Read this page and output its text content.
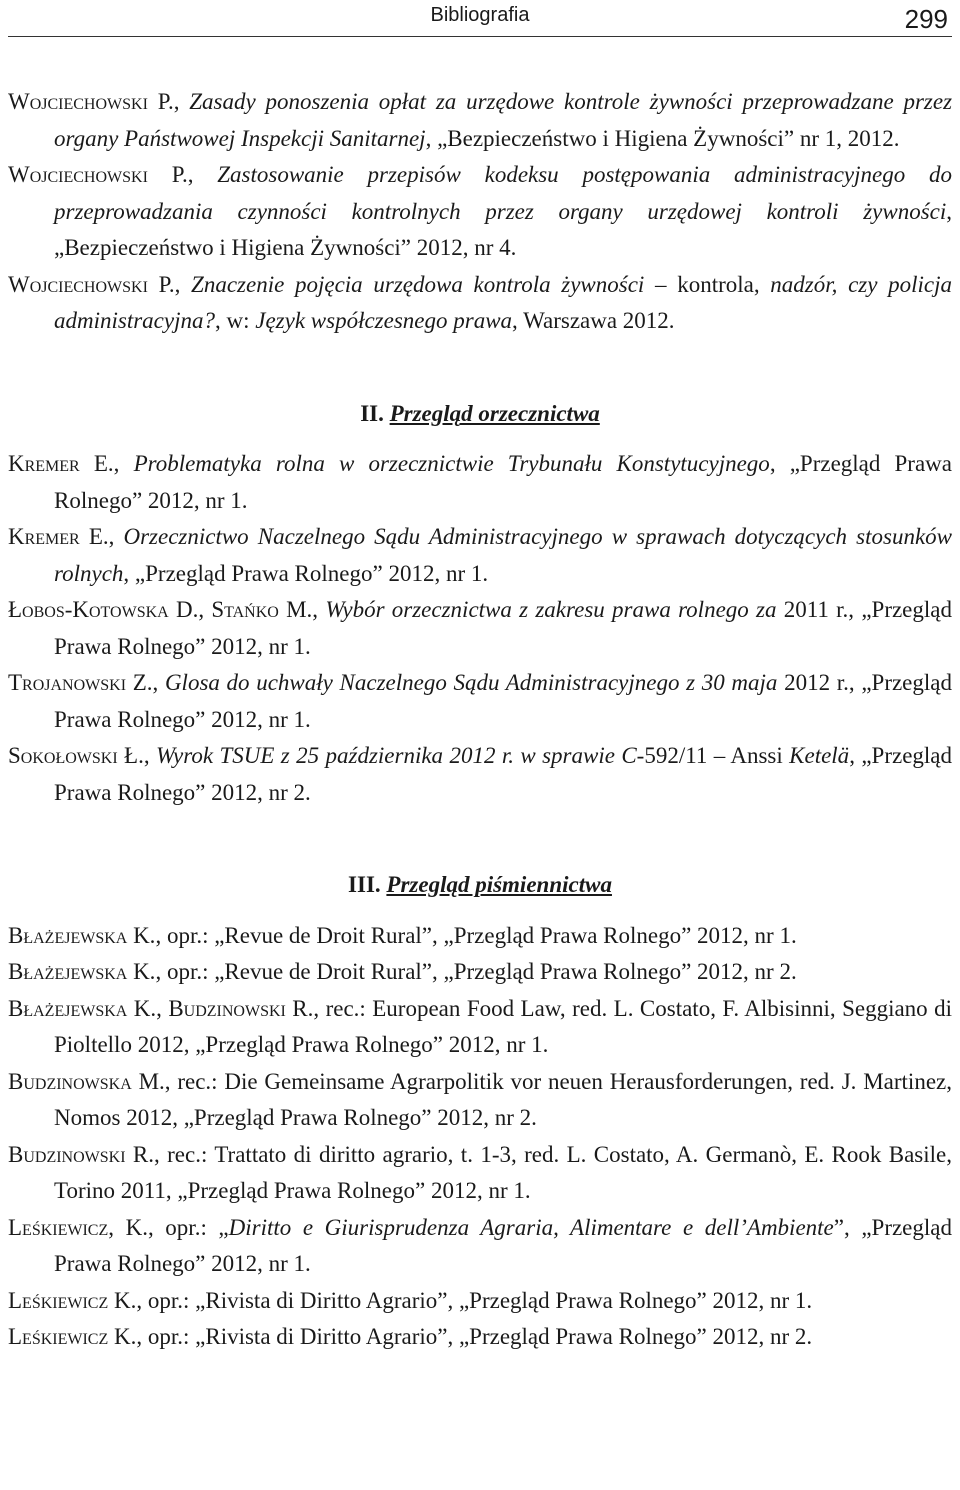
Bibliografia	299
Wojciechowski P., Zasady ponoszenia opłat za urzędowe kontrole żywności przeprowadzane przez organy Państwowej Inspekcji Sanitarnej, „Bezpieczeństwo i Higiena Żywności” nr 1, 2012.
Wojciechowski P., Zastosowanie przepisów kodeksu postępowania administracyjnego do przeprowadzania czynności kontrolnych przez organy urzędowej kontroli żywności, „Bezpieczeństwo i Higiena Żywności” 2012, nr 4.
Wojciechowski P., Znaczenie pojęcia urzędowa kontrola żywności – kontrola, nadzór, czy policja administracyjna?, w: Język współczesnego prawa, Warszawa 2012.
II. Przegląd orzecznictwa
Kremer E., Problematyka rolna w orzecznictwie Trybunału Konstytucyjnego, „Przegląd Prawa Rolnego” 2012, nr 1.
Kremer E., Orzecznictwo Naczelnego Sądu Administracyjnego w sprawach dotyczących stosunków rolnych, „Przegląd Prawa Rolnego” 2012, nr 1.
Łobos-Kotowska D., Stańko M., Wybór orzecznictwa z zakresu prawa rolnego za 2011 r., „Przegląd Prawa Rolnego” 2012, nr 1.
Trojanowski Z., Glosa do uchwały Naczelnego Sądu Administracyjnego z 30 maja 2012 r., „Przegląd Prawa Rolnego” 2012, nr 1.
Sokołowski Ł., Wyrok TSUE z 25 października 2012 r. w sprawie C-592/11 – Anssi Ketelä, „Przegląd Prawa Rolnego” 2012, nr 2.
III. Przegląd piśmiennictwa
Błażejewska K., opr.: „Revue de Droit Rural”, „Przegląd Prawa Rolnego” 2012, nr 1.
Błażejewska K., opr.: „Revue de Droit Rural”, „Przegląd Prawa Rolnego” 2012, nr 2.
Błażejewska K., Budzinowski R., rec.: European Food Law, red. L. Costato, F. Albisinni, Seggiano di Pioltello 2012, „Przegląd Prawa Rolnego” 2012, nr 1.
Budzinowska M., rec.: Die Gemeinsame Agrarpolitik vor neuen Herausforderungen, red. J. Martinez, Nomos 2012, „Przegląd Prawa Rolnego” 2012, nr 2.
Budzinowski R., rec.: Trattato di diritto agrario, t. 1-3, red. L. Costato, A. Germanò, E. Rook Basile, Torino 2011, „Przegląd Prawa Rolnego” 2012, nr 1.
Leśkiewicz, K., opr.: „Diritto e Giurisprudenza Agraria, Alimentare e dell’Ambiente”, „Przegląd Prawa Rolnego” 2012, nr 1.
Leśkiewicz K., opr.: „Rivista di Diritto Agrario”, „Przegląd Prawa Rolnego” 2012, nr 1.
Leśkiewicz K., opr.: „Rivista di Diritto Agrario”, „Przegląd Prawa Rolnego” 2012, nr 2.
